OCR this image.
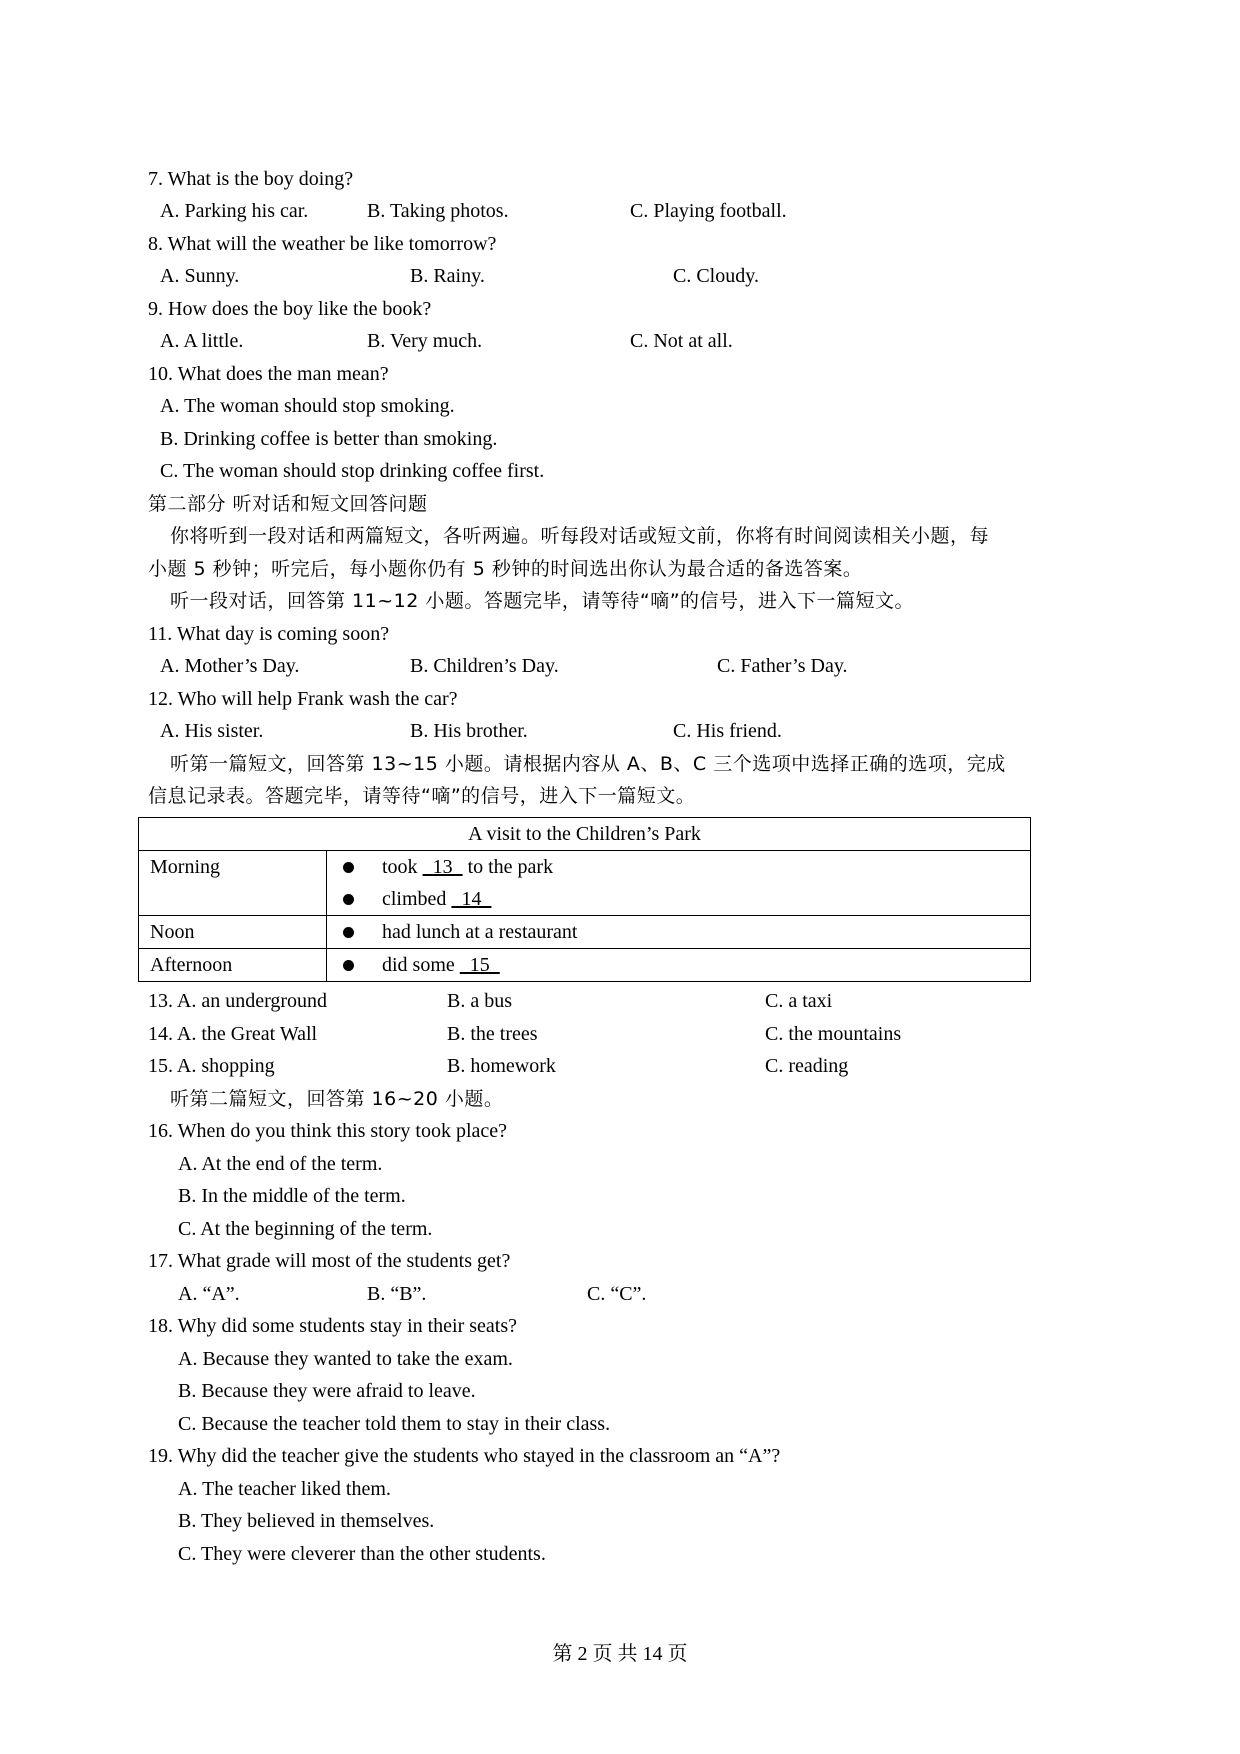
7. What is the boy doing?
A. Parking his car.	B. Taking photos.	C. Playing football.
8. What will the weather be like tomorrow?
A. Sunny.	B. Rainy.	C. Cloudy.
9. How does the boy like the book?
A. A little.	B. Very much.	C. Not at all.
10. What does the man mean?
A. The woman should stop smoking.
B. Drinking coffee is better than smoking.
C. The woman should stop drinking coffee first.
第二部分 听对话和短文回答问题
你将听到一段对话和两篇短文，各听两遍。听每段对话或短文前，你将有时间阅读相关小题，每
小题 5 秒钟；听完后，每小题你仍有 5 秒钟的时间选出你认为最合适的备选答案。
听一段对话，回答第 11~12 小题。答题完毕，请等待“嘀”的信号，进入下一篇短文。
11. What day is coming soon?
A. Mother’s Day.	B. Children’s Day.	C. Father’s Day.
12. Who will help Frank wash the car?
A. His sister.	B. His brother.	C. His friend.
听第一篇短文，回答第 13~15 小题。请根据内容从 A、B、C 三个选项中选择正确的选项，完成
信息记录表。答题完毕，请等待“嘀”的信号，进入下一篇短文。
A visit to the Children’s Park	
Morning	took 13 to the park
climbed 14

Noon	had lunch at a restaurant

Afternoon	did some 15
13. A. an underground	B. a bus	C. a taxi
14. A. the Great Wall	B. the trees	C. the mountains
15. A. shopping	B. homework	C. reading
听第二篇短文，回答第 16~20 小题。
16. When do you think this story took place?
A. At the end of the term.
B. In the middle of the term.
C. At the beginning of the term.
17. What grade will most of the students get?
A. “A”.	B. “B”.	C. “C”.
18. Why did some students stay in their seats?
A. Because they wanted to take the exam.
B. Because they were afraid to leave.
C. Because the teacher told them to stay in their class.
19. Why did the teacher give the students who stayed in the classroom an “A”?
A. The teacher liked them.
B. They believed in themselves.
C. They were cleverer than the other students.
第 2 页 共 14 页
